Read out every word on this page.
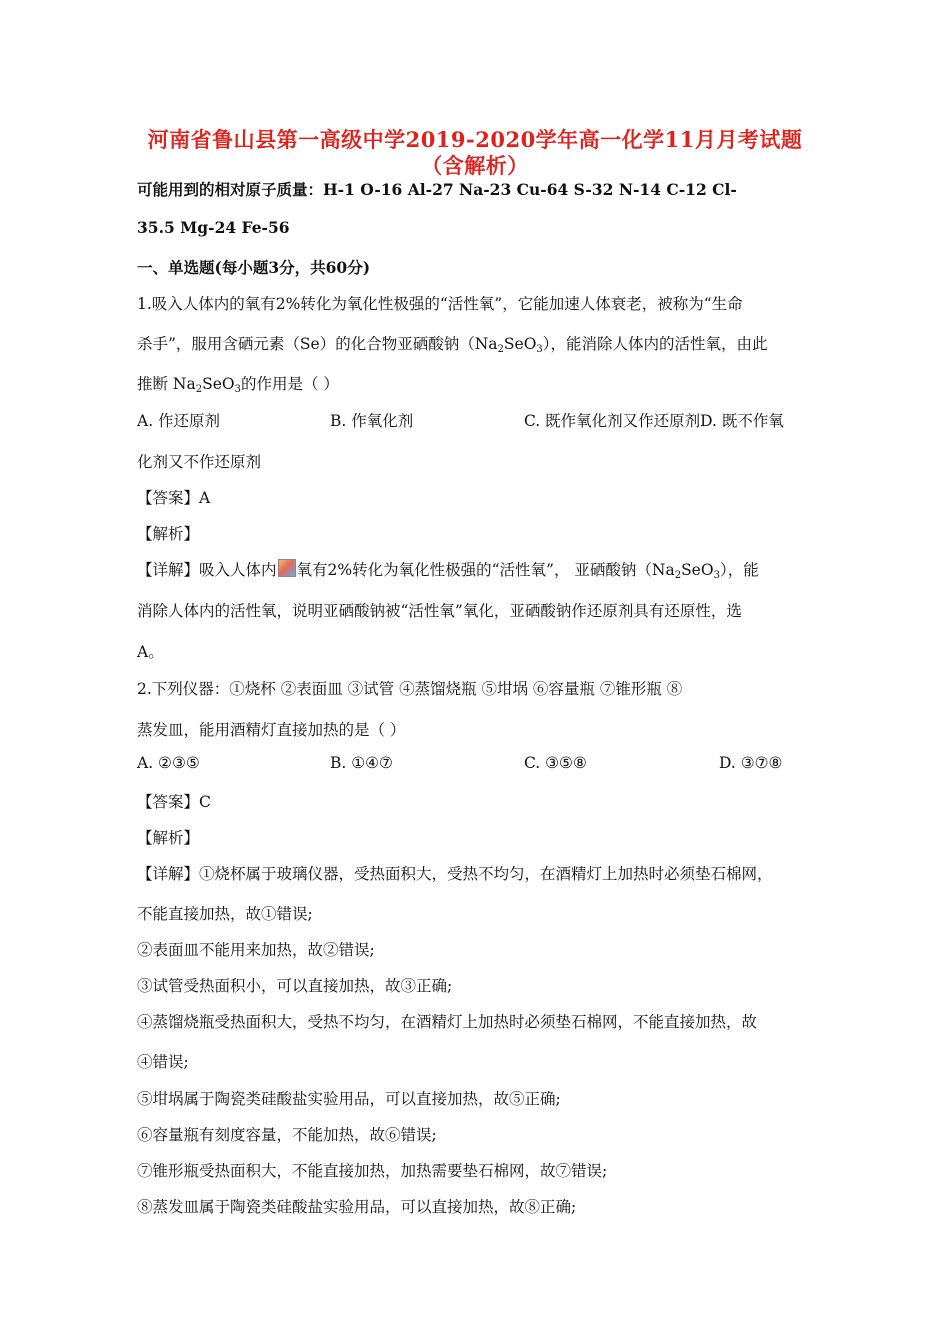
河南省鲁山县第一高级中学2019-2020学年高一化学11月月考试题
（含解析）
可能用到的相对原子质量：H-1 O-16 Al-27 Na-23 Cu-64 S-32 N-14 C-12 Cl-
35.5 Mg-24 Fe-56
一、单选题(每小题3分，共60分)
1.吸入人体内的氧有2%转化为氧化性极强的“活性氧”，它能加速人体衰老，被称为“生命
杀手”，服用含硒元素（Se）的化合物亚硒酸钠$(Na_2SeO_3)$，能消除人体内的活性氧，由此
推断 $Na_2SeO_3$的作用是（ ）
A. 作还原剂	B. 作氧化剂	C. 既作氧化剂又作还原剂D. 既不作氧
化剂又不作还原剂
【答案】A
【解析】
【详解】吸入人体内 氧有2%转化为氧化性极强的“活性氧”， 亚硒酸钠$(Na_2SeO_3)$，能
消除人体内的活性氧，说明亚硒酸钠被“活性氧”氧化，亚硒酸钠作还原剂具有还原性，选
A。
2.下列仪器：①烧杯 ②表面皿 ③试管 ④蒸馏烧瓶 ⑤坩埚 ⑥容量瓶 ⑦锥形瓶 ⑧
蒸发皿，能用酒精灯直接加热的是（ ）
A. ②③⑤	B. ①④⑦	C. ③⑤⑧	D. ③⑦⑧
【答案】C
【解析】
【详解】①烧杯属于玻璃仪器，受热面积大，受热不均匀，在酒精灯上加热时必须垫石棉网，
不能直接加热，故①错误;
②表面皿不能用来加热，故②错误;
③试管受热面积小，可以直接加热，故③正确;
④蒸馏烧瓶受热面积大，受热不均匀，在酒精灯上加热时必须垫石棉网，不能直接加热，故
④错误;
⑤坩埚属于陶瓷类硅酸盐实验用品，可以直接加热，故⑤正确;
⑥容量瓶有刻度容量，不能加热，故⑥错误;
⑦锥形瓶受热面积大，不能直接加热，加热需要垫石棉网，故⑦错误;
⑧蒸发皿属于陶瓷类硅酸盐实验用品，可以直接加热，故⑧正确;
